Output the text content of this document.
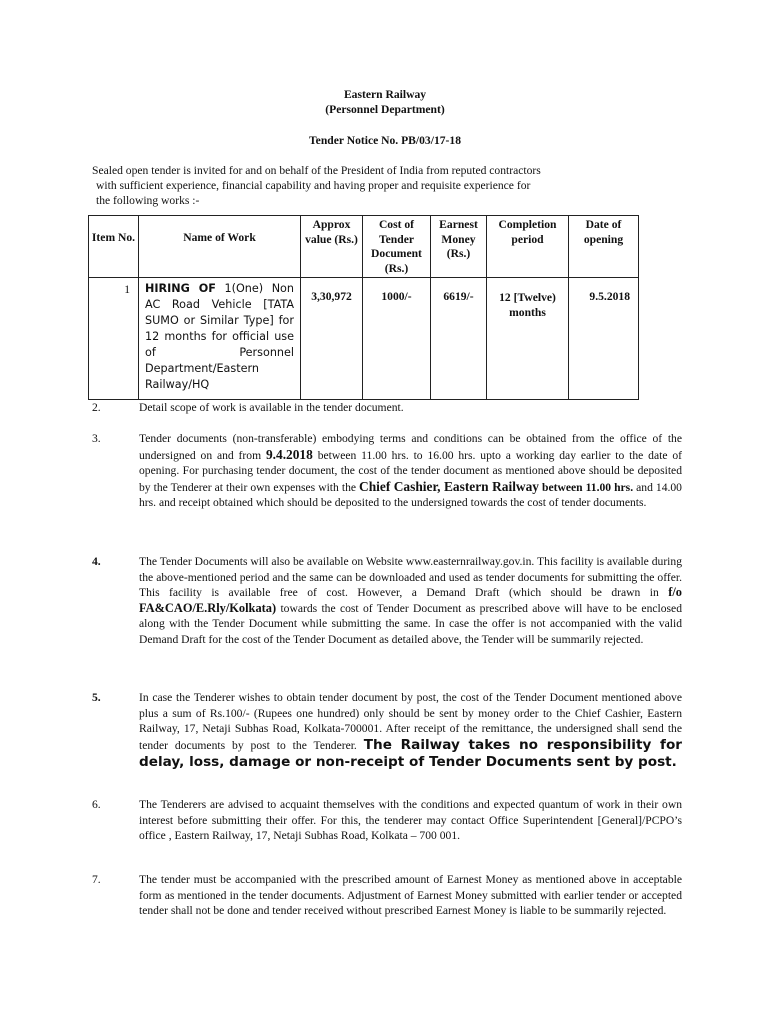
Eastern Railway
(Personnel Department)
Tender Notice No. PB/03/17-18
Sealed open tender is invited for and on behalf of the President of India from reputed contractors
with sufficient experience, financial capability and having proper and requisite experience for
the following works :-
Item No.	Name of Work	Approx value (Rs.)	Cost of Tender Document (Rs.)	Earnest Money (Rs.)	Completion period	Date of opening
1	HIRING OF 1(One) Non AC Road Vehicle [TATA SUMO or Similar Type] for 12 months for official use of Personnel Department/Eastern Railway/HQ	3,30,972	1000/-	6619/-	12 [Twelve) months	9.5.2018
2.	Detail scope of work is available in the tender document.
3.	Tender documents (non-transferable) embodying terms and conditions can be obtained from the office of the undersigned on and from 9.4.2018 between 11.00 hrs. to 16.00 hrs. upto a working day earlier to the date of opening. For purchasing tender document, the cost of the tender document as mentioned above should be deposited by the Tenderer at their own expenses with the Chief Cashier, Eastern Railway between 11.00 hrs. and 14.00 hrs. and receipt obtained which should be deposited to the undersigned towards the cost of tender documents.
4.	The Tender Documents will also be available on Website www.easternrailway.gov.in. This facility is available during the above-mentioned period and the same can be downloaded and used as tender documents for submitting the offer. This facility is available free of cost. However, a Demand Draft (which should be drawn in f/o FA&CAO/E.Rly/Kolkata) towards the cost of Tender Document as prescribed above will have to be enclosed along with the Tender Document while submitting the same. In case the offer is not accompanied with the valid Demand Draft for the cost of the Tender Document as detailed above, the Tender will be summarily rejected.
5.	In case the Tenderer wishes to obtain tender document by post, the cost of the Tender Document mentioned above plus a sum of Rs.100/- (Rupees one hundred) only should be sent by money order to the Chief Cashier, Eastern Railway, 17, Netaji Subhas Road, Kolkata-700001. After receipt of the remittance, the undersigned shall send the tender documents by post to the Tenderer. The Railway takes no responsibility for delay, loss, damage or non-receipt of Tender Documents sent by post.
6.	The Tenderers are advised to acquaint themselves with the conditions and expected quantum of work in their own interest before submitting their offer. For this, the tenderer may contact Office Superintendent [General]/PCPO’s office , Eastern Railway, 17, Netaji Subhas Road, Kolkata – 700 001.
7.	The tender must be accompanied with the prescribed amount of Earnest Money as mentioned above in acceptable form as mentioned in the tender documents. Adjustment of Earnest Money submitted with earlier tender or accepted tender shall not be done and tender received without prescribed Earnest Money is liable to be summarily rejected.
